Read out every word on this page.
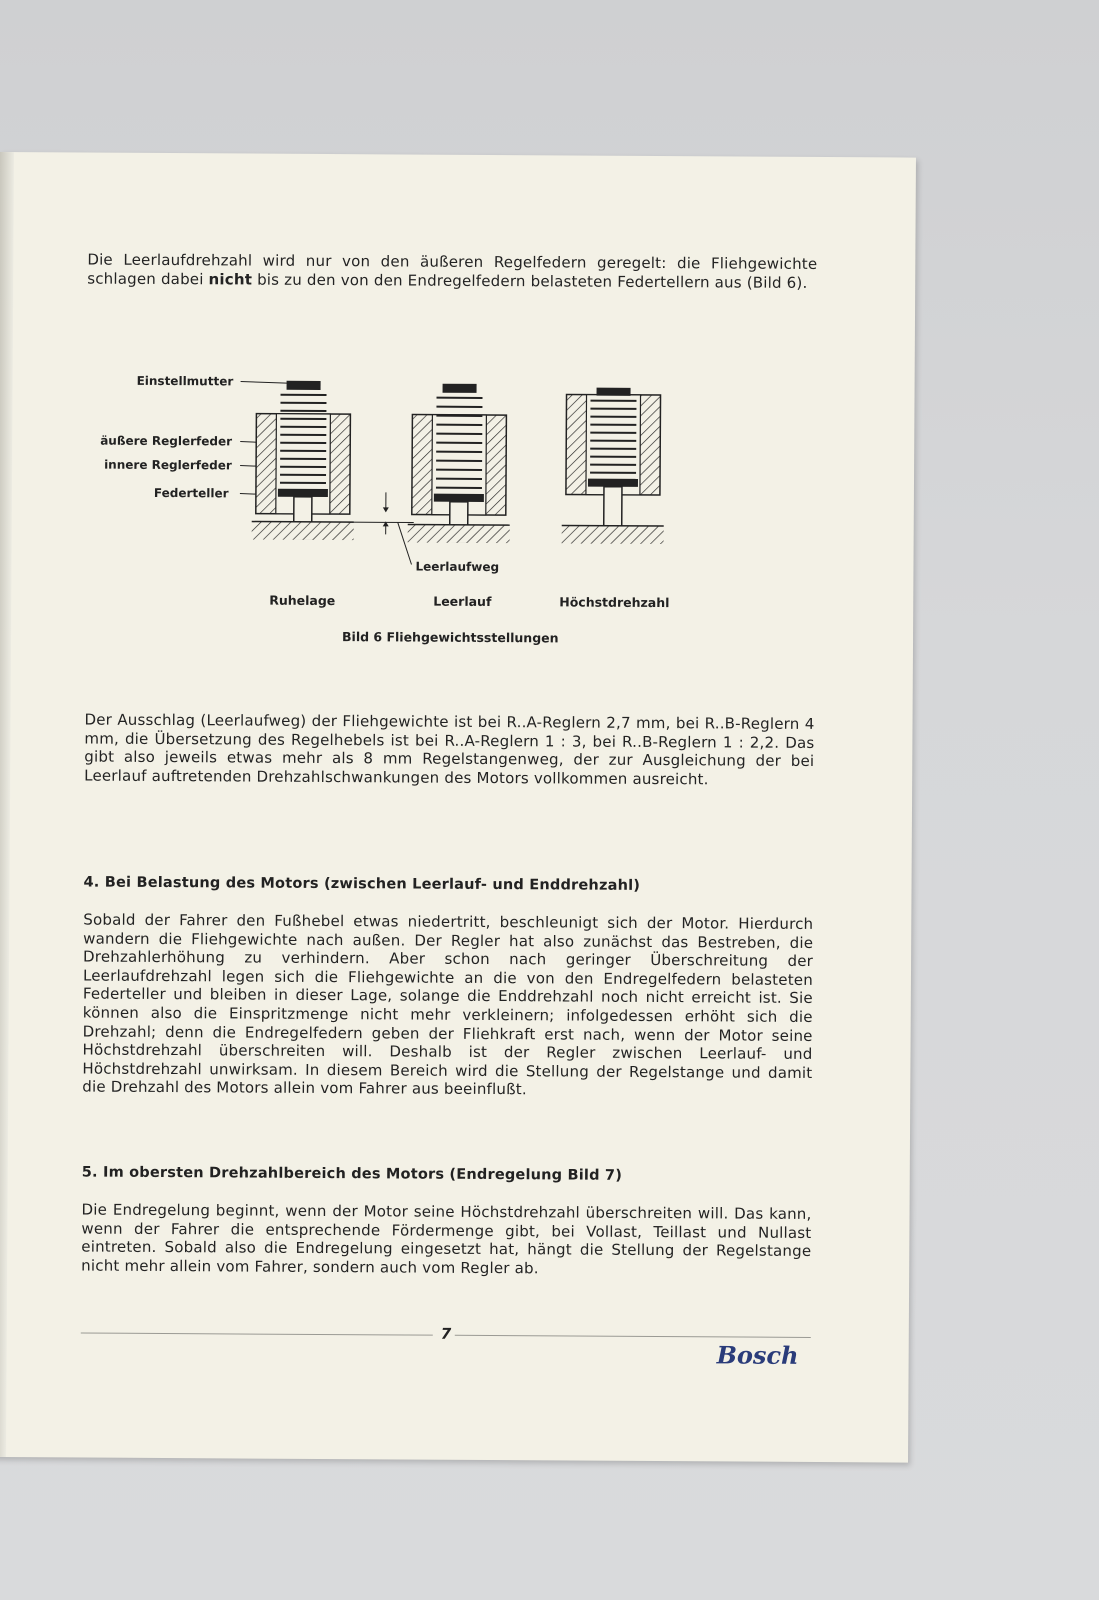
Die Leerlaufdrehzahl wird nur von den äußeren Regelfedern geregelt: die Fliehgewichte schlagen dabei nicht bis zu den von den Endregelfedern belasteten Federtellern aus (Bild 6).
Einstellmutter
äußere Reglerfeder
innere Reglerfeder
Federteller
Leerlaufweg
Ruhelage	Leerlauf	Höchstdrehzahl
Bild 6 Fliehgewichtsstellungen
Der Ausschlag (Leerlaufweg) der Fliehgewichte ist bei R..A-Reglern 2,7 mm, bei R..B-Reglern 4 mm, die Übersetzung des Regelhebels ist bei R..A-Reglern 1 : 3, bei R..B-Reglern 1 : 2,2. Das gibt also jeweils etwas mehr als 8 mm Regelstangenweg, der zur Ausgleichung der bei Leerlauf auftretenden Drehzahlschwankungen des Motors vollkommen ausreicht.
4. Bei Belastung des Motors (zwischen Leerlauf- und Enddrehzahl)
Sobald der Fahrer den Fußhebel etwas niedertritt, beschleunigt sich der Motor. Hierdurch wandern die Fliehgewichte nach außen. Der Regler hat also zunächst das Bestreben, die Drehzahlerhöhung zu verhindern. Aber schon nach geringer Überschreitung der Leerlaufdrehzahl legen sich die Fliehgewichte an die von den Endregelfedern belasteten Federteller und bleiben in dieser Lage, solange die Enddrehzahl noch nicht erreicht ist. Sie können also die Einspritzmenge nicht mehr verkleinern; infolgedessen erhöht sich die Drehzahl; denn die Endregelfedern geben der Fliehkraft erst nach, wenn der Motor seine Höchstdrehzahl überschreiten will. Deshalb ist der Regler zwischen Leerlauf- und Höchstdrehzahl unwirksam. In diesem Bereich wird die Stellung der Regelstange und damit die Drehzahl des Motors allein vom Fahrer aus beeinflußt.
5. Im obersten Drehzahlbereich des Motors (Endregelung Bild 7)
Die Endregelung beginnt, wenn der Motor seine Höchstdrehzahl überschreiten will. Das kann, wenn der Fahrer die entsprechende Fördermenge gibt, bei Vollast, Teillast und Nullast eintreten. Sobald also die Endregelung eingesetzt hat, hängt die Stellung der Regelstange nicht mehr allein vom Fahrer, sondern auch vom Regler ab.
7
Bosch
